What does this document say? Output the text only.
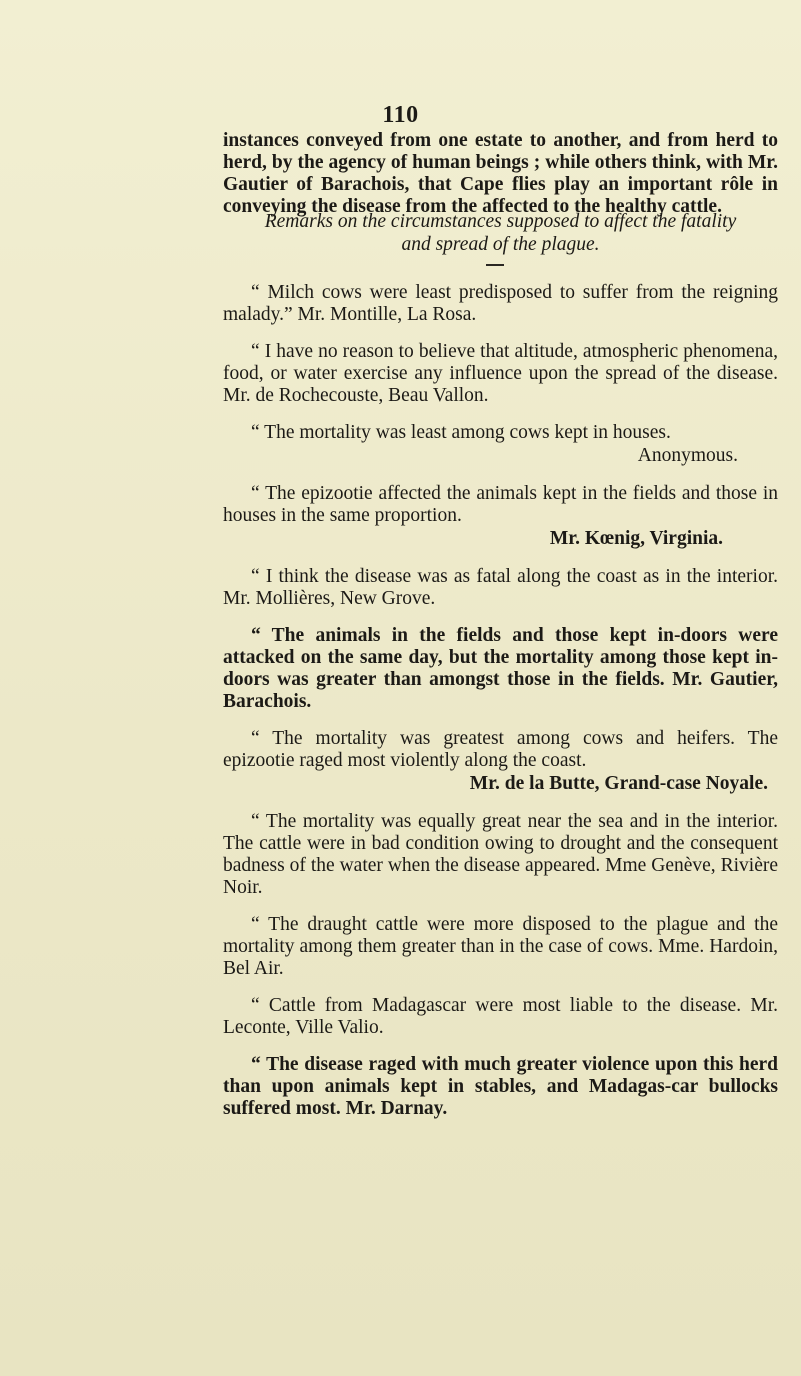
110

instances conveyed from one estate to another, and from herd to herd, by the agency of human beings ; while others think, with Mr. Gautier of Barachois, that Cape flies play an important rôle in conveying the disease from the affected to the healthy cattle.

Remarks on the circumstances supposed to affect the fatality
and spread of the plague.

“ Milch cows were least predisposed to suffer from the reigning malady.” Mr. Montille, La Rosa.

“ I have no reason to believe that altitude, atmospheric phenomena, food, or water exercise any influence upon the spread of the disease. Mr. de Rochecouste, Beau Vallon.

“ The mortality was least among cows kept in houses.

Anonymous.

“ The epizootie affected the animals kept in the fields and those in houses in the same proportion.

Mr. Kœnig, Virginia.

“ I think the disease was as fatal along the coast as in the interior. Mr. Mollières, New Grove.

“ The animals in the fields and those kept in-doors were attacked on the same day, but the mortality among those kept in-doors was greater than amongst those in the fields. Mr. Gautier, Barachois.

“ The mortality was greatest among cows and heifers. The epizootie raged most violently along the coast.

Mr. de la Butte, Grand-case Noyale.

“ The mortality was equally great near the sea and in the interior. The cattle were in bad condition owing to drought and the consequent badness of the water when the disease appeared. Mme Genève, Rivière Noir.

“ The draught cattle were more disposed to the plague and the mortality among them greater than in the case of cows. Mme. Hardoin, Bel Air.

“ Cattle from Madagascar were most liable to the disease. Mr. Leconte, Ville Valio.

“ The disease raged with much greater violence upon this herd than upon animals kept in stables, and Madagas-car bullocks suffered most. Mr. Darnay.
